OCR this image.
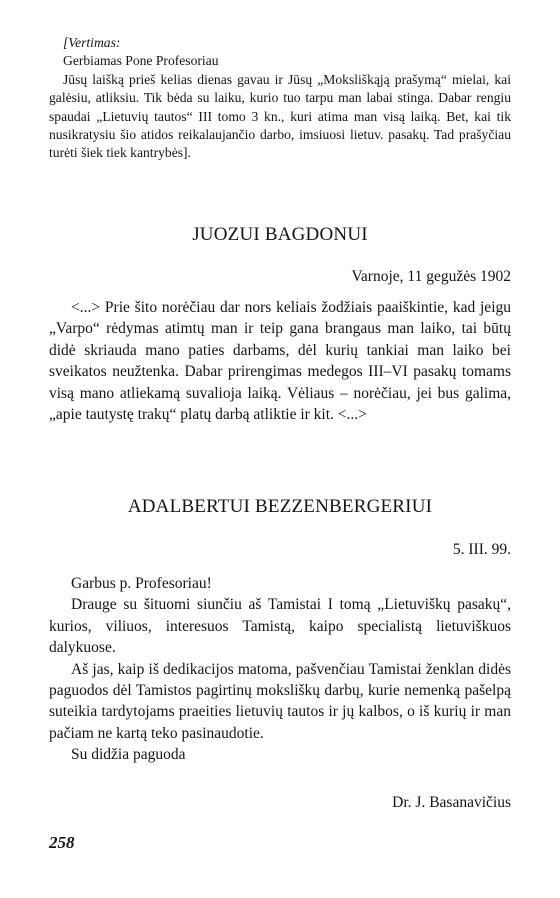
[Vertimas:

Gerbiamas Pone Profesoriau

Jūsų laišką prieš kelias dienas gavau ir Jūsų „Moksliškąją prašymą“ mielai, kai galėsiu, atliksiu. Tik bėda su laiku, kurio tuo tarpu man labai stinga. Dabar rengiu spaudai „Lietuvių tautos“ III tomo 3 kn., kuri atima man visą laiką. Bet, kai tik nusikratysiu šio atidos reikalaujančio darbo, imsiuosi lietuv. pasakų. Tad prašyčiau turėti šiek tiek kantrybės].

JUOZUI BAGDONUI
Varnoje, 11 gegužės 1902

<...> Prie šito norėčiau dar nors keliais žodžiais paaiškintie, kad jeigu „Varpo“ rėdymas atimtų man ir teip gana brangaus man laiko, tai būtų didė skriauda mano paties darbams, dėl kurių tankiai man laiko bei sveikatos neužtenka. Dabar prirengimas medegos III–VI pasakų tomams visą mano atliekamą suvalioja laiką. Vėliaus – norėčiau, jei bus galima, „apie tautystę trakų“ platų darbą atliktie ir kit. <...>

ADALBERTUI BEZZENBERGERIUI
5. III. 99.

Garbus p. Profesoriau!

Drauge su šituomi siunčiu aš Tamistai I tomą „Lietuviškų pasakų“, kurios, viliuos, interesuos Tamistą, kaipo specialistą lietuviškuos dalykuose.

Aš jas, kaip iš dedikacijos matoma, pašvenčiau Tamistai ženklan didės paguodos dėl Tamistos pagirtinų moksliškų darbų, kurie nemenką pašelpą suteikia tardytojams praeities lietuvių tautos ir jų kalbos, o iš kurių ir man pačiam ne kartą teko pasinaudotie.

Su didžia paguoda

Dr. J. Basanavičius
258
